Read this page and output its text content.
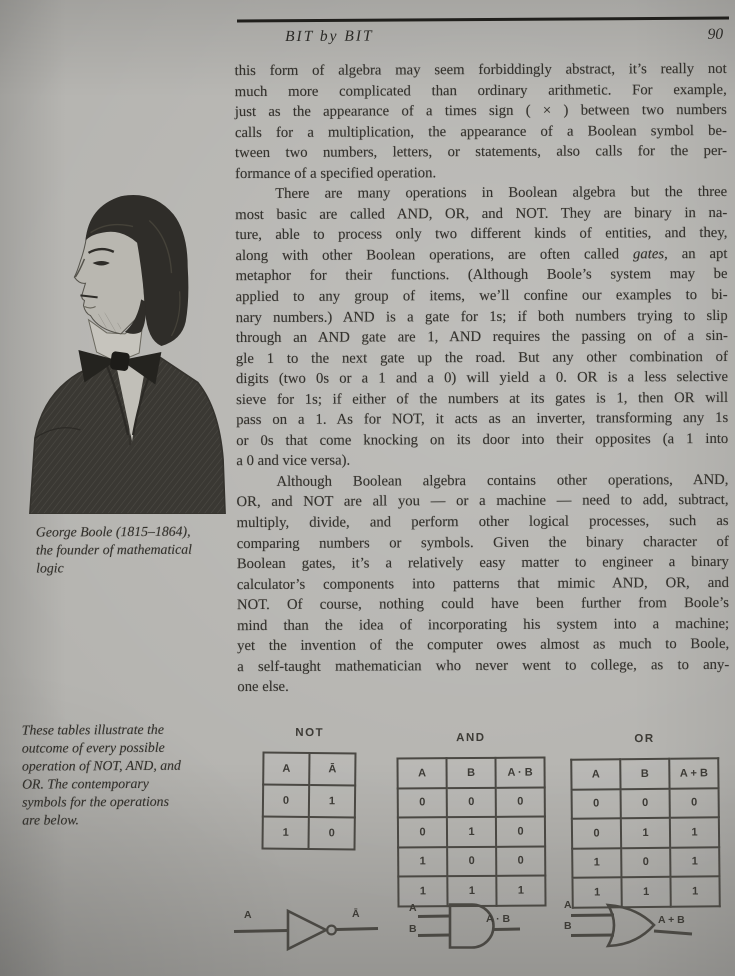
BIT by BIT	90
this form of algebra may seem forbiddingly abstract, it’s really not
much more complicated than ordinary arithmetic. For example,
just as the appearance of a times sign ( × ) between two numbers
calls for a multiplication, the appearance of a Boolean symbol be-
tween two numbers, letters, or statements, also calls for the per-
formance of a specified operation.
There are many operations in Boolean algebra but the three
most basic are called AND, OR, and NOT. They are binary in na-
ture, able to process only two different kinds of entities, and they,
along with other Boolean operations, are often called gates, an apt
metaphor for their functions. (Although Boole’s system may be
applied to any group of items, we’ll confine our examples to bi-
nary numbers.) AND is a gate for 1s; if both numbers trying to slip
through an AND gate are 1, AND requires the passing on of a sin-
gle 1 to the next gate up the road. But any other combination of
digits (two 0s or a 1 and a 0) will yield a 0. OR is a less selective
sieve for 1s; if either of the numbers at its gates is 1, then OR will
pass on a 1. As for NOT, it acts as an inverter, transforming any 1s
or 0s that come knocking on its door into their opposites (a 1 into
a 0 and vice versa).
Although Boolean algebra contains other operations, AND,
OR, and NOT are all you — or a machine — need to add, subtract,
multiply, divide, and perform other logical processes, such as
comparing numbers or symbols. Given the binary character of
Boolean gates, it’s a relatively easy matter to engineer a binary
calculator’s components into patterns that mimic AND, OR, and
NOT. Of course, nothing could have been further from Boole’s
mind than the idea of incorporating his system into a machine;
yet the invention of the computer owes almost as much to Boole,
a self-taught mathematician who never went to college, as to any-
one else.
George Boole (1815–1864),
the founder of mathematical
logic
These tables illustrate the
outcome of every possible
operation of NOT, AND, and
OR. The contemporary
symbols for the operations
are below.
NOT
A	Ā
0	1
1	0
AND
A	B	A · B
0	0	0
0	1	0
1	0	0
1	1	1
OR
A	B	A + B
0	0	0
0	1	1
1	0	1
1	1	1
A	Ā	A
B
A · B
A
B	A + B
